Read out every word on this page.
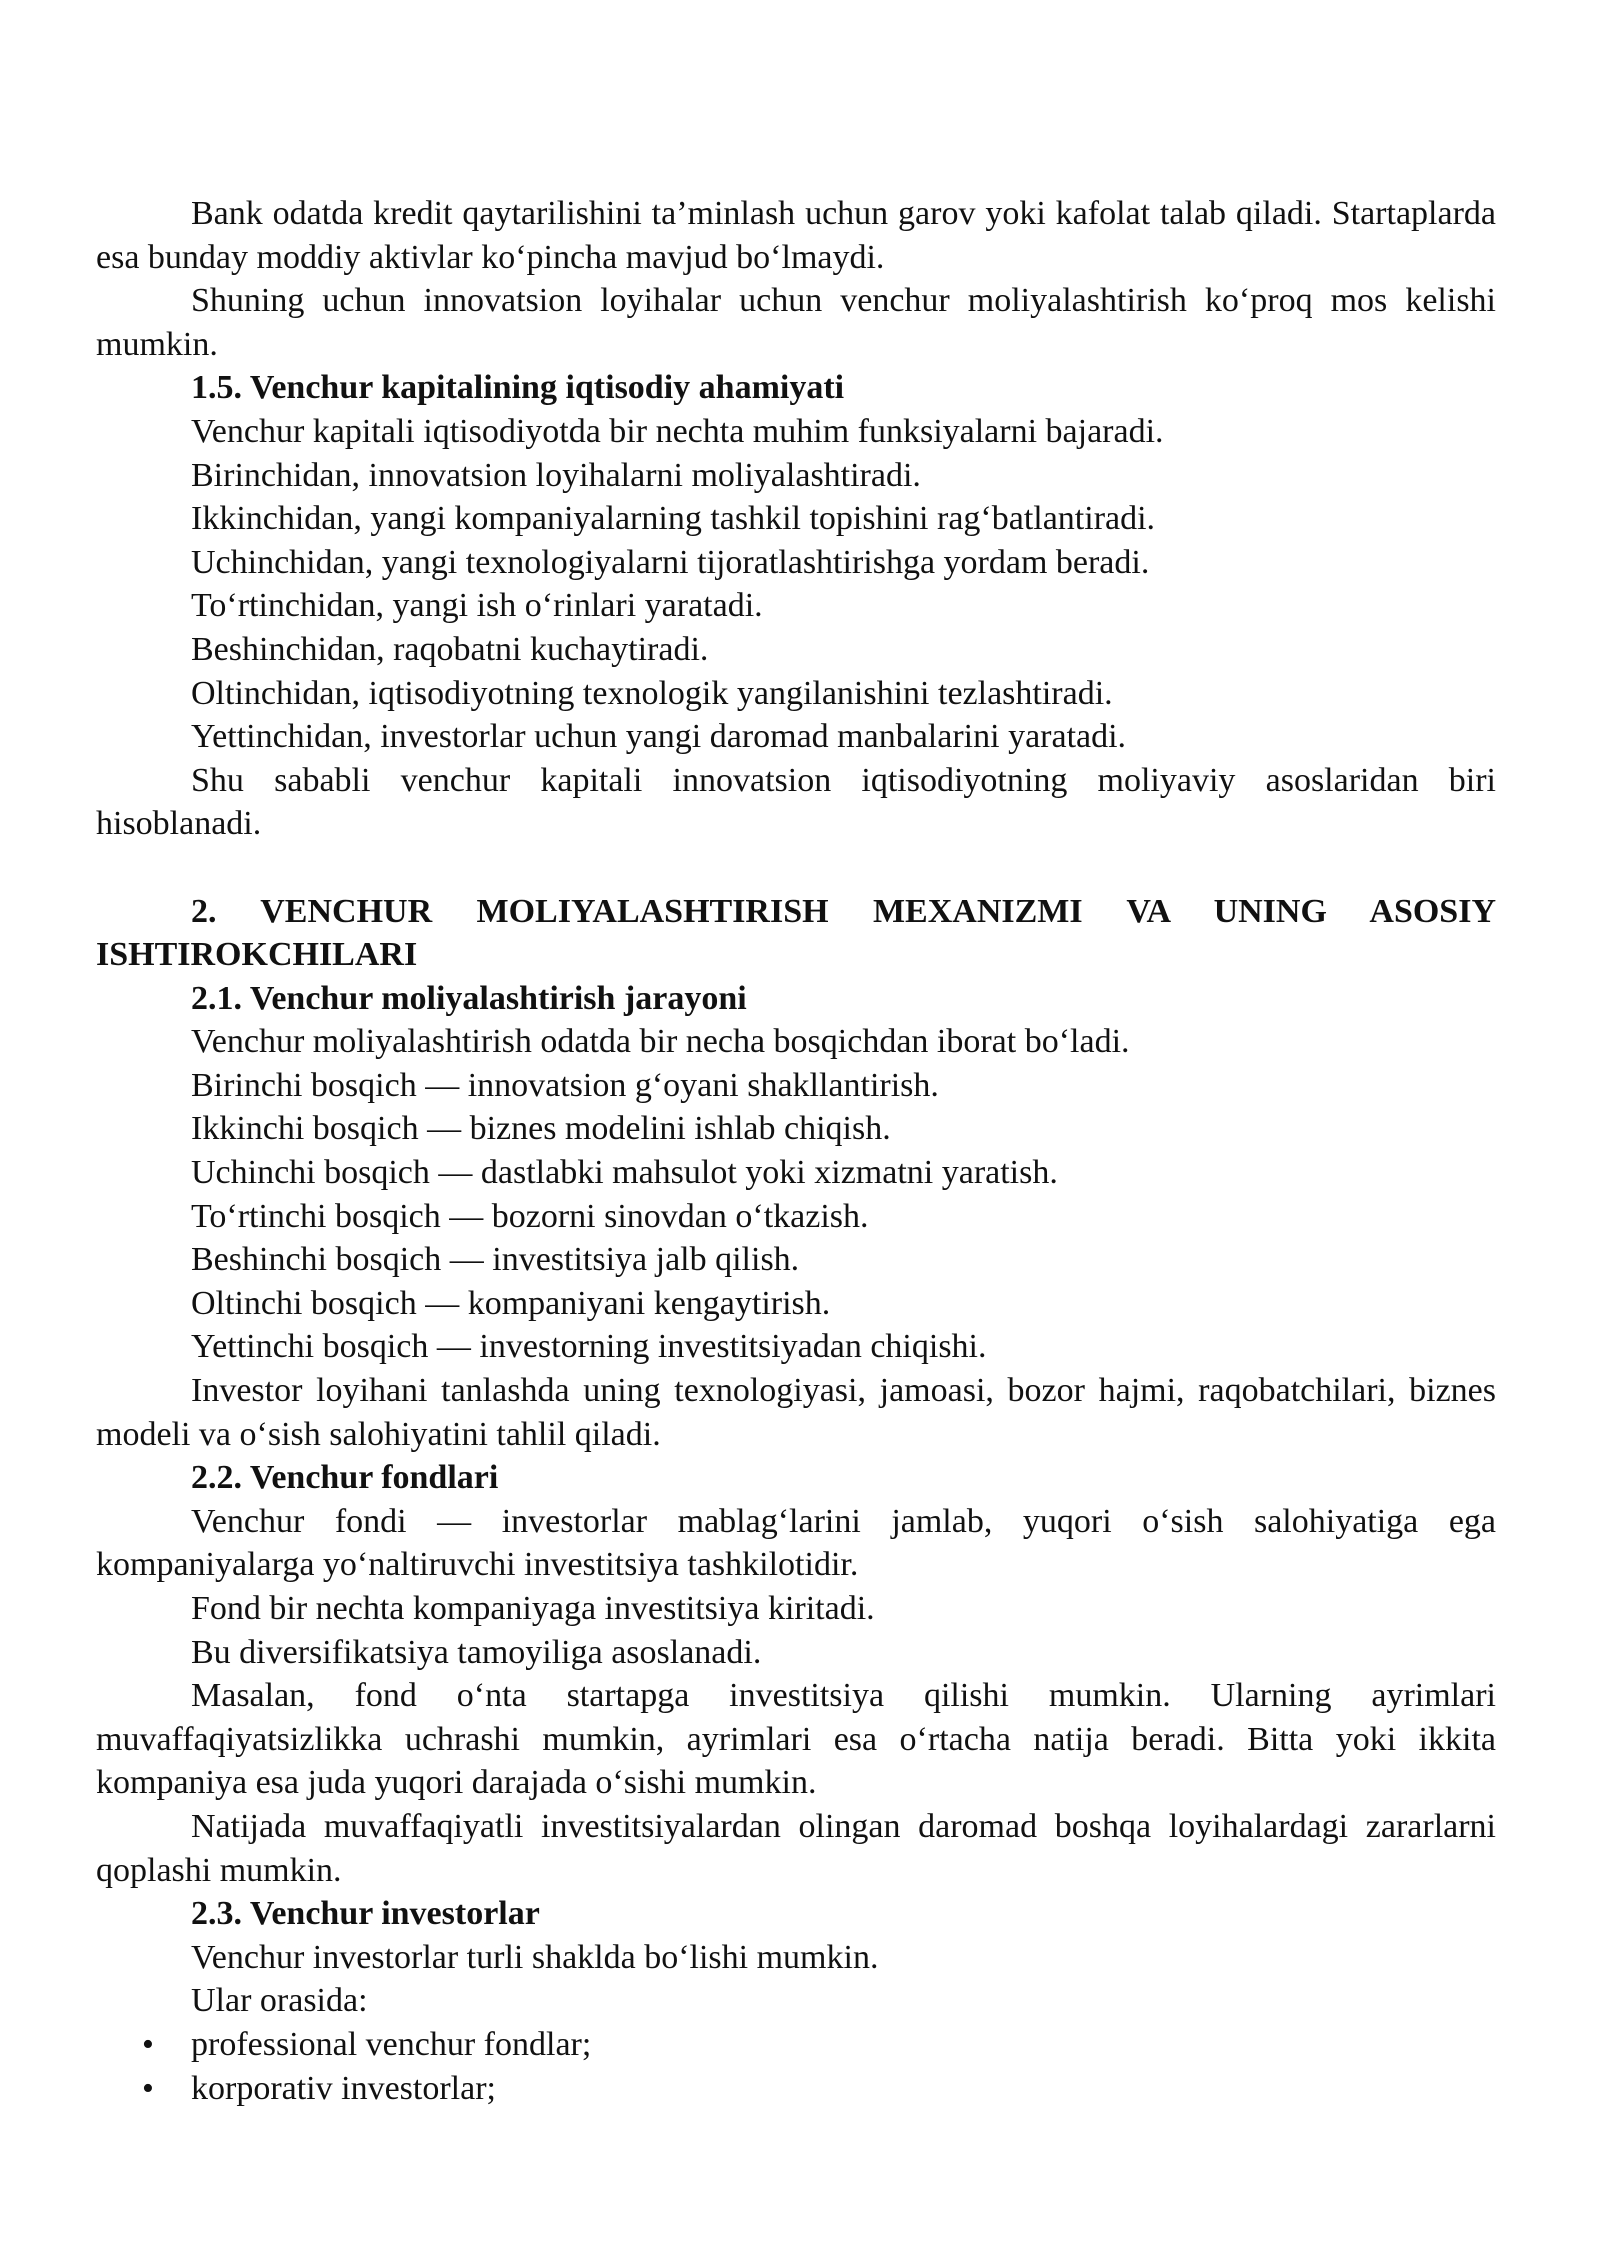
Bank odatda kredit qaytarilishini ta’minlash uchun garov yoki kafolat talab qiladi. Startaplarda esa bunday moddiy aktivlar ko‘pincha mavjud bo‘lmaydi.

Shuning uchun innovatsion loyihalar uchun venchur moliyalashtirish ko‘proq mos kelishi mumkin.

1.5. Venchur kapitalining iqtisodiy ahamiyati

Venchur kapitali iqtisodiyotda bir nechta muhim funksiyalarni bajaradi.

Birinchidan, innovatsion loyihalarni moliyalashtiradi.

Ikkinchidan, yangi kompaniyalarning tashkil topishini rag‘batlantiradi.

Uchinchidan, yangi texnologiyalarni tijoratlashtirishga yordam beradi.

To‘rtinchidan, yangi ish o‘rinlari yaratadi.

Beshinchidan, raqobatni kuchaytiradi.

Oltinchidan, iqtisodiyotning texnologik yangilanishini tezlashtiradi.

Yettinchidan, investorlar uchun yangi daromad manbalarini yaratadi.

Shu sababli venchur kapitali innovatsion iqtisodiyotning moliyaviy asoslaridan biri hisoblanadi.

2. VENCHUR MOLIYALASHTIRISH MEXANIZMI VA UNING ASOSIY ISHTIROKCHILARI

2.1. Venchur moliyalashtirish jarayoni

Venchur moliyalashtirish odatda bir necha bosqichdan iborat bo‘ladi.

Birinchi bosqich — innovatsion g‘oyani shakllantirish.

Ikkinchi bosqich — biznes modelini ishlab chiqish.

Uchinchi bosqich — dastlabki mahsulot yoki xizmatni yaratish.

To‘rtinchi bosqich — bozorni sinovdan o‘tkazish.

Beshinchi bosqich — investitsiya jalb qilish.

Oltinchi bosqich — kompaniyani kengaytirish.

Yettinchi bosqich — investorning investitsiyadan chiqishi.

Investor loyihani tanlashda uning texnologiyasi, jamoasi, bozor hajmi, raqobatchilari, biznes modeli va o‘sish salohiyatini tahlil qiladi.

2.2. Venchur fondlari

Venchur fondi — investorlar mablag‘larini jamlab, yuqori o‘sish salohiyatiga ega kompaniyalarga yo‘naltiruvchi investitsiya tashkilotidir.

Fond bir nechta kompaniyaga investitsiya kiritadi.

Bu diversifikatsiya tamoyiliga asoslanadi.

Masalan, fond o‘nta startapga investitsiya qilishi mumkin. Ularning ayrimlari muvaffaqiyatsizlikka uchrashi mumkin, ayrimlari esa o‘rtacha natija beradi. Bitta yoki ikkita kompaniya esa juda yuqori darajada o‘sishi mumkin.

Natijada muvaffaqiyatli investitsiyalardan olingan daromad boshqa loyihalardagi zararlarni qoplashi mumkin.

2.3. Venchur investorlar

Venchur investorlar turli shaklda bo‘lishi mumkin.

Ular orasida:

• professional venchur fondlar;
• korporativ investorlar;
